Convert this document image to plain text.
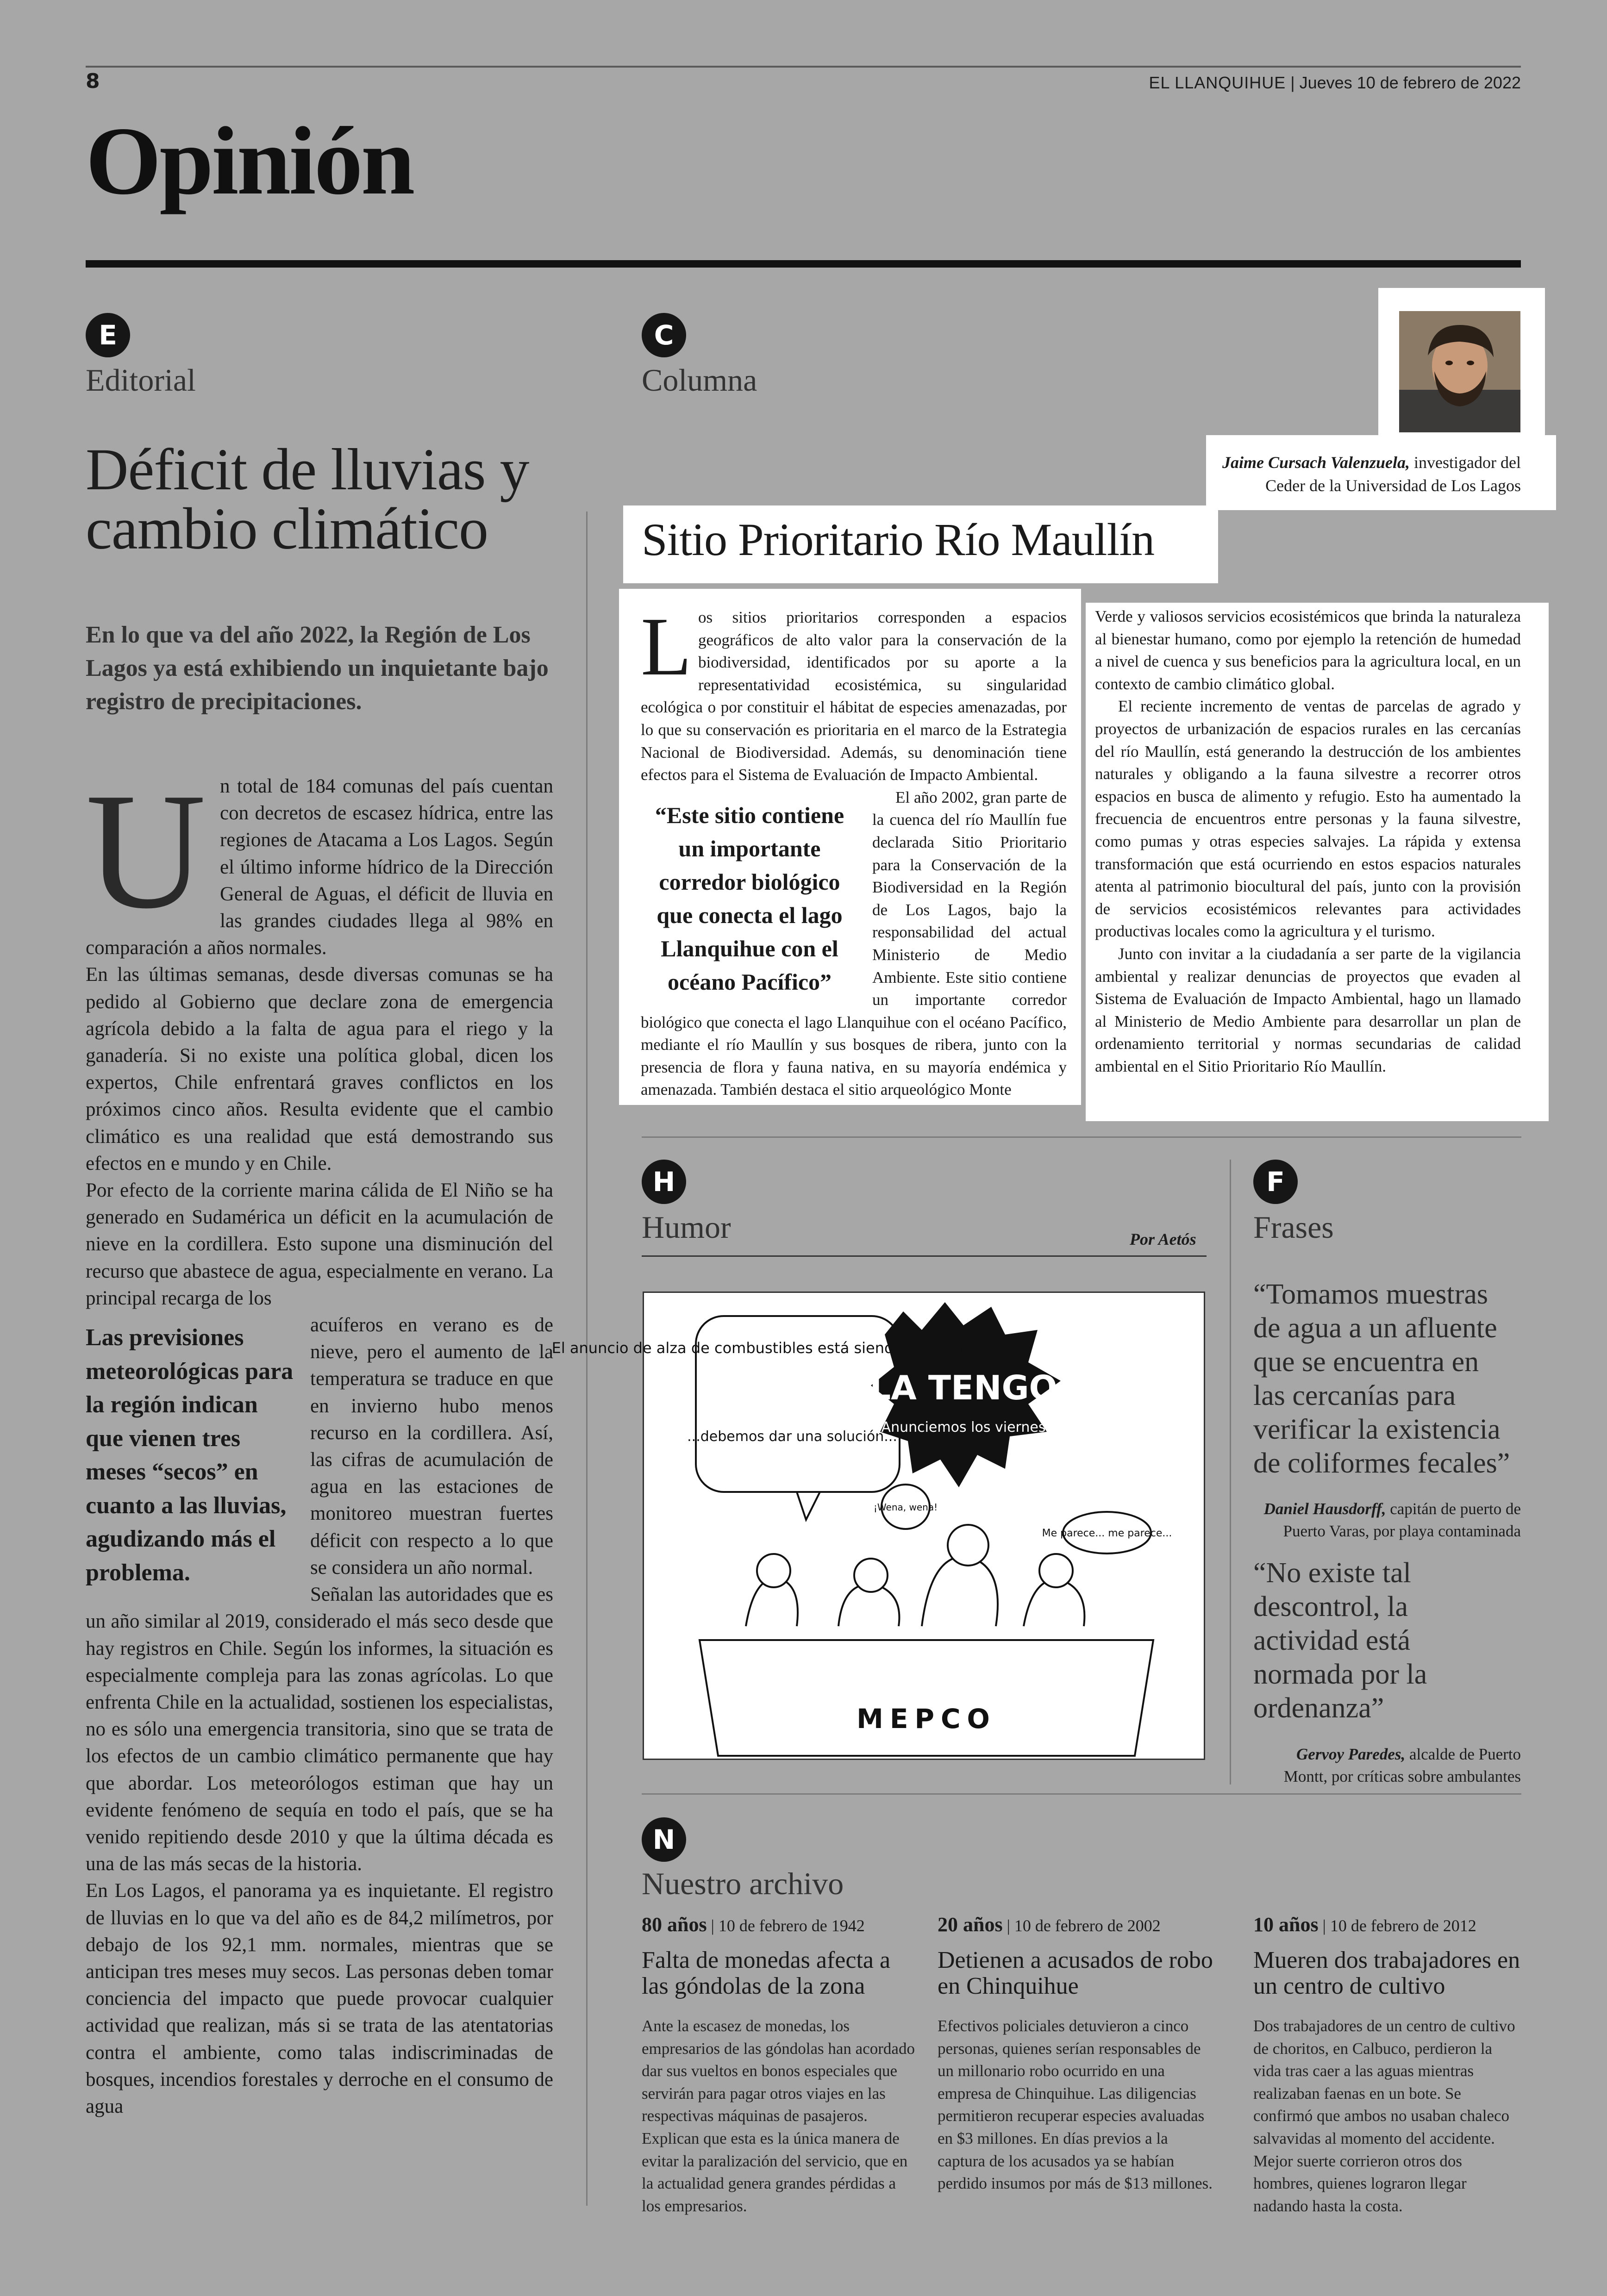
8	EL LLANQUIHUE | Jueves 10 de febrero de 2022
Opinión
E
Editorial
Déficit de lluvias y cambio climático
En lo que va del año 2022, la Región de Los Lagos ya está exhibiendo un inquietante bajo registro de precipitaciones.
U n total de 184 comunas del país cuentan con decretos de escasez hídrica, entre las regiones de Atacama a Los Lagos. Según el último informe hídrico de la Dirección General de Aguas, el déficit de lluvia en las grandes ciudades llega al 98% en comparación a años normales.

En las últimas semanas, desde diversas comunas se ha pedido al Gobierno que declare zona de emergencia agrícola debido a la falta de agua para el riego y la ganadería. Si no existe una política global, dicen los expertos, Chile enfrentará graves conflictos en los próximos cinco años. Resulta evidente que el cambio climático es una realidad que está demostrando sus efectos en e mundo y en Chile.

Por efecto de la corriente marina cálida de El Niño se ha generado en Sudamérica un déficit en la acumulación de nieve en la cordillera. Esto supone una disminución del recurso que abastece de agua, especialmente en verano. La principal recarga de los

Las previsiones meteorológicas para la región indican que vienen tres meses “secos” en cuanto a las lluvias, agudizando más el problema.

acuíferos en verano es de nieve, pero el aumento de la temperatura se traduce en que en invierno hubo menos recurso en la cordillera. Así, las cifras de acumulación de agua en las estaciones de monitoreo muestran fuertes déficit con respecto a lo que se considera un año normal.

Señalan las autoridades que es un año similar al 2019, considerado el más seco desde que hay registros en Chile. Según los informes, la situación es especialmente compleja para las zonas agrícolas. Lo que enfrenta Chile en la actualidad, sostienen los especialistas, no es sólo una emergencia transitoria, sino que se trata de los efectos de un cambio climático permanente que hay que abordar. Los meteorólogos estiman que hay un evidente fenómeno de sequía en todo el país, que se ha venido repitiendo desde 2010 y que la última década es una de las más secas de la historia.

En Los Lagos, el panorama ya es inquietante. El registro de lluvias en lo que va del año es de 84,2 milímetros, por debajo de los 92,1 mm. normales, mientras que se anticipan tres meses muy secos. Las personas deben tomar conciencia del impacto que puede provocar cualquier actividad que realizan, más si se trata de las atentatorias contra el ambiente, como talas indiscriminadas de bosques, incendios forestales y derroche en el consumo de agua

C
Columna
Jaime Cursach Valenzuela, investigador del Ceder de la Universidad de Los Lagos
Sitio Prioritario Río Maullín
L os sitios prioritarios corresponden a espacios geográficos de alto valor para la conservación de la biodiversidad, identificados por su aporte a la representatividad ecosistémica, su singularidad ecológica o por constituir el hábitat de especies amenazadas, por lo que su conservación es prioritaria en el marco de la Estrategia Nacional de Biodiversidad. Además, su denominación tiene efectos para el Sistema de Evaluación de Impacto Ambiental.
“Este sitio contiene un importante corredor biológico que conecta el lago Llanquihue con el océano Pacífico”

El año 2002, gran parte de la cuenca del río Maullín fue declarada Sitio Prioritario para la Conservación de la Biodiversidad en la Región de Los Lagos, bajo la responsabilidad del actual Ministerio de Medio Ambiente. Este sitio contiene un importante corredor biológico que conecta el lago Llanquihue con el océano Pacífico, mediante el río Maullín y sus bosques de ribera, junto con la presencia de flora y fauna nativa, en su mayoría endémica y amenazada. También destaca el sitio arqueológico Monte

Verde y valiosos servicios ecosistémicos que brinda la naturaleza al bienestar humano, como por ejemplo la retención de humedad a nivel de cuenca y sus beneficios para la agricultura local, en un contexto de cambio climático global.

El reciente incremento de ventas de parcelas de agrado y proyectos de urbanización de espacios rurales en las cercanías del río Maullín, está generando la destrucción de los ambientes naturales y obligando a la fauna silvestre a recorrer otros espacios en busca de alimento y refugio. Esto ha aumentado la frecuencia de encuentros entre personas y la fauna silvestre, como pumas y otras especies salvajes. La rápida y extensa transformación que está ocurriendo en estos espacios naturales atenta al patrimonio biocultural del país, junto con la provisión de servicios ecosistémicos relevantes para actividades productivas locales como la agricultura y el turismo.

Junto con invitar a la ciudadanía a ser parte de la vigilancia ambiental y realizar denuncias de proyectos que evaden al Sistema de Evaluación de Impacto Ambiental, hago un llamado al Ministerio de Medio Ambiente para desarrollar un plan de ordenamiento territorial y normas secundarias de calidad ambiental en el Sitio Prioritario Río Maullín.

H
Humor	Por Aetós
El anuncio de alza de combustibles está siendo muy impopular...
...debemos dar una solución...
LA TENGO
¡Anunciemos los viernes!
¡Wena, wena!
Me parece... me parece...
MEPCO
F
Frases
“Tomamos muestras de agua a un afluente que se encuentra en las cercanías para verificar la existencia de coliformes fecales”
Daniel Hausdorff, capitán de puerto de Puerto Varas, por playa contaminada
“No existe tal descontrol, la actividad está normada por la ordenanza”
Gervoy Paredes, alcalde de Puerto Montt, por críticas sobre ambulantes
N
Nuestro archivo
80 años | 10 de febrero de 1942
Falta de monedas afecta a las góndolas de la zona
Ante la escasez de monedas, los empresarios de las góndolas han acordado dar sus vueltos en bonos especiales que servirán para pagar otros viajes en las respectivas máquinas de pasajeros. Explican que esta es la única manera de evitar la paralización del servicio, que en la actualidad genera grandes pérdidas a los empresarios.
20 años | 10 de febrero de 2002
Detienen a acusados de robo en Chinquihue
Efectivos policiales detuvieron a cinco personas, quienes serían responsables de un millonario robo ocurrido en una empresa de Chinquihue. Las diligencias permitieron recuperar especies avaluadas en $3 millones. En días previos a la captura de los acusados ya se habían perdido insumos por más de $13 millones.
10 años | 10 de febrero de 2012
Mueren dos trabajadores en un centro de cultivo
Dos trabajadores de un centro de cultivo de choritos, en Calbuco, perdieron la vida tras caer a las aguas mientras realizaban faenas en un bote. Se confirmó que ambos no usaban chaleco salvavidas al momento del accidente. Mejor suerte corrieron otros dos hombres, quienes lograron llegar nadando hasta la costa.
